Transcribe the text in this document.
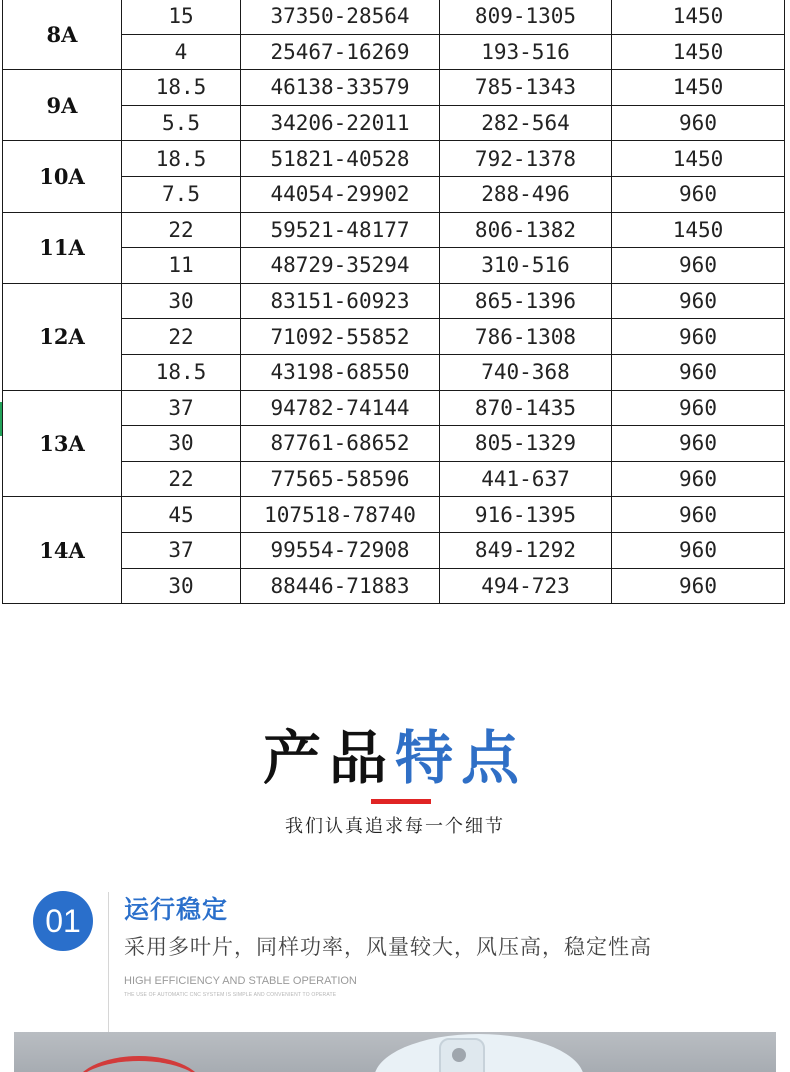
8A	15	37350-28564	809-1305	1450
	4	25467-16269	193-516	1450
9A	18.5	46138-33579	785-1343	1450
	5.5	34206-22011	282-564	960
10A	18.5	51821-40528	792-1378	1450
	7.5	44054-29902	288-496	960
11A	22	59521-48177	806-1382	1450
	11	48729-35294	310-516	960
12A	30	83151-60923	865-1396	960
	22	71092-55852	786-1308	960
	18.5	43198-68550	740-368	960
13A	37	94782-74144	870-1435	960
	30	87761-68652	805-1329	960
	22	77565-58596	441-637	960
14A	45	107518-78740	916-1395	960
	37	99554-72908	849-1292	960
	30	88446-71883	494-723	960
产品特点
我们认真追求每一个细节
01	运行稳定
采用多叶片，同样功率，风量较大，风压高，稳定性高
HIGH EFFICIENCY AND STABLE OPERATION
THE USE OF AUTOMATIC CNC SYSTEM IS SIMPLE AND CONVENIENT TO OPERATE
